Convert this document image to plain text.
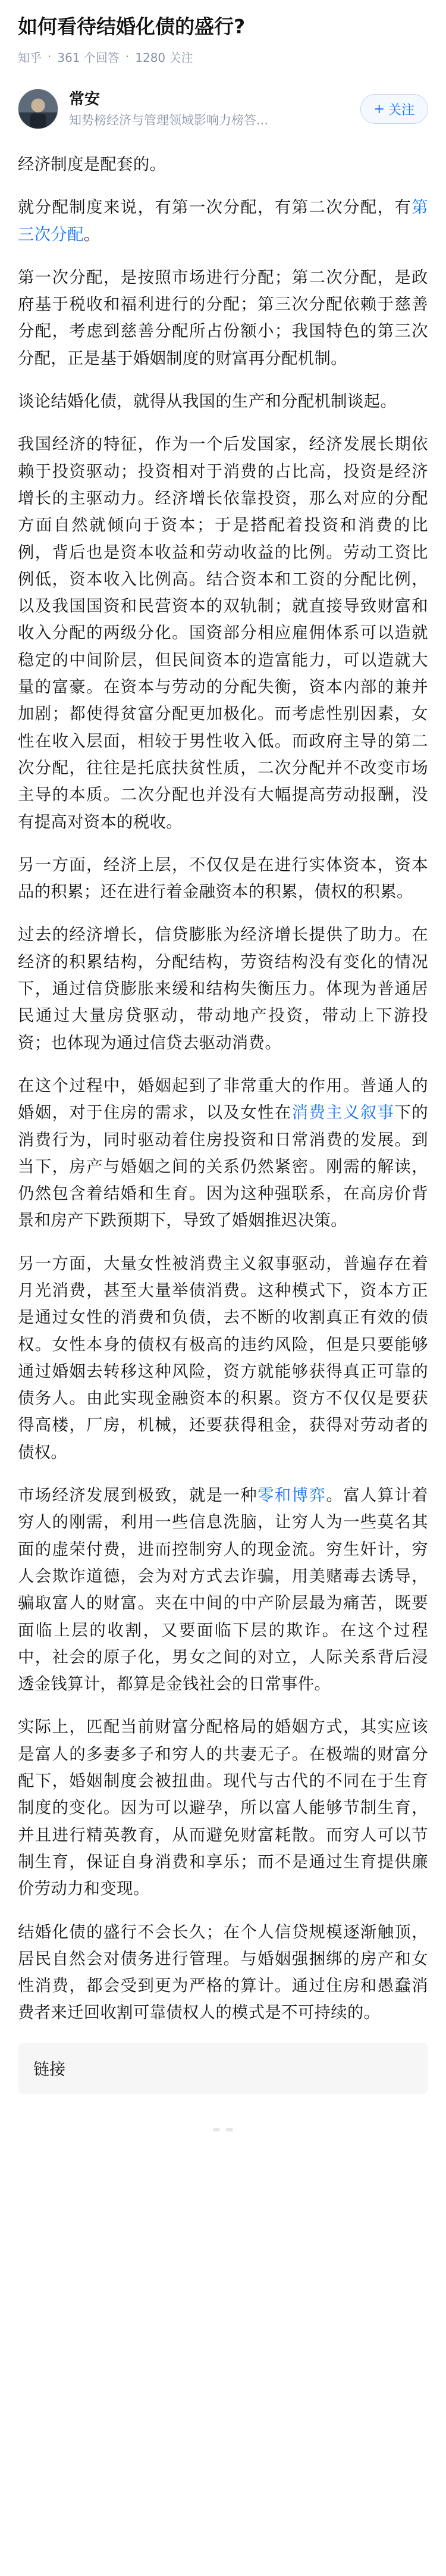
如何看待结婚化债的盛行?
知乎 · 361 个回答 · 1280 关注
常安
知势榜经济与管理领域影响力榜答...
+ 关注

经济制度是配套的。

就分配制度来说，有第一次分配，有第二次分配，有第三次分配。

第一次分配，是按照市场进行分配；第二次分配，是政府基于税收和福利进行的分配；第三次分配依赖于慈善分配，考虑到慈善分配所占份额小；我国特色的第三次分配，正是基于婚姻制度的财富再分配机制。

谈论结婚化债，就得从我国的生产和分配机制谈起。

我国经济的特征，作为一个后发国家，经济发展长期依赖于投资驱动；投资相对于消费的占比高，投资是经济增长的主驱动力。经济增长依靠投资，那么对应的分配方面自然就倾向于资本；于是搭配着投资和消费的比例，背后也是资本收益和劳动收益的比例。劳动工资比例低，资本收入比例高。结合资本和工资的分配比例，以及我国国资和民营资本的双轨制；就直接导致财富和收入分配的两级分化。国资部分相应雇佣体系可以造就稳定的中间阶层，但民间资本的造富能力，可以造就大量的富豪。在资本与劳动的分配失衡，资本内部的兼并加剧；都使得贫富分配更加极化。而考虑性别因素，女性在收入层面，相较于男性收入低。而政府主导的第二次分配，往往是托底扶贫性质，二次分配并不改变市场主导的本质。二次分配也并没有大幅提高劳动报酬，没有提高对资本的税收。

另一方面，经济上层，不仅仅是在进行实体资本，资本品的积累；还在进行着金融资本的积累，债权的积累。

过去的经济增长，信贷膨胀为经济增长提供了助力。在经济的积累结构，分配结构，劳资结构没有变化的情况下，通过信贷膨胀来缓和结构失衡压力。体现为普通居民通过大量房贷驱动，带动地产投资，带动上下游投资；也体现为通过信贷去驱动消费。

在这个过程中，婚姻起到了非常重大的作用。普通人的婚姻，对于住房的需求，以及女性在消费主义叙事下的消费行为，同时驱动着住房投资和日常消费的发展。到当下，房产与婚姻之间的关系仍然紧密。刚需的解读，仍然包含着结婚和生育。因为这种强联系，在高房价背景和房产下跌预期下，导致了婚姻推迟决策。

另一方面，大量女性被消费主义叙事驱动，普遍存在着月光消费，甚至大量举债消费。这种模式下，资本方正是通过女性的消费和负债，去不断的收割真正有效的债权。女性本身的债权有极高的违约风险，但是只要能够通过婚姻去转移这种风险，资方就能够获得真正可靠的债务人。由此实现金融资本的积累。资方不仅仅是要获得高楼，厂房，机械，还要获得租金，获得对劳动者的债权。

市场经济发展到极致，就是一种零和博弈。富人算计着穷人的刚需，利用一些信息洗脑，让穷人为一些莫名其面的虚荣付费，进而控制穷人的现金流。穷生奸计，穷人会欺诈道德，会为对方式去诈骗，用美赌毒去诱导，骗取富人的财富。夹在中间的中产阶层最为痛苦，既要面临上层的收割，又要面临下层的欺诈。在这个过程中，社会的原子化，男女之间的对立，人际关系背后浸透金钱算计，都算是金钱社会的日常事件。

实际上，匹配当前财富分配格局的婚姻方式，其实应该是富人的多妻多子和穷人的共妻无子。在极端的财富分配下，婚姻制度会被扭曲。现代与古代的不同在于生育制度的变化。因为可以避孕，所以富人能够节制生育，并且进行精英教育，从而避免财富耗散。而穷人可以节制生育，保证自身消费和享乐；而不是通过生育提供廉价劳动力和变现。

结婚化债的盛行不会长久；在个人信贷规模逐渐触顶，居民自然会对债务进行管理。与婚姻强捆绑的房产和女性消费，都会受到更为严格的算计。通过住房和愚蠢消费者来迁回收割可靠债权人的模式是不可持续的。

链接
